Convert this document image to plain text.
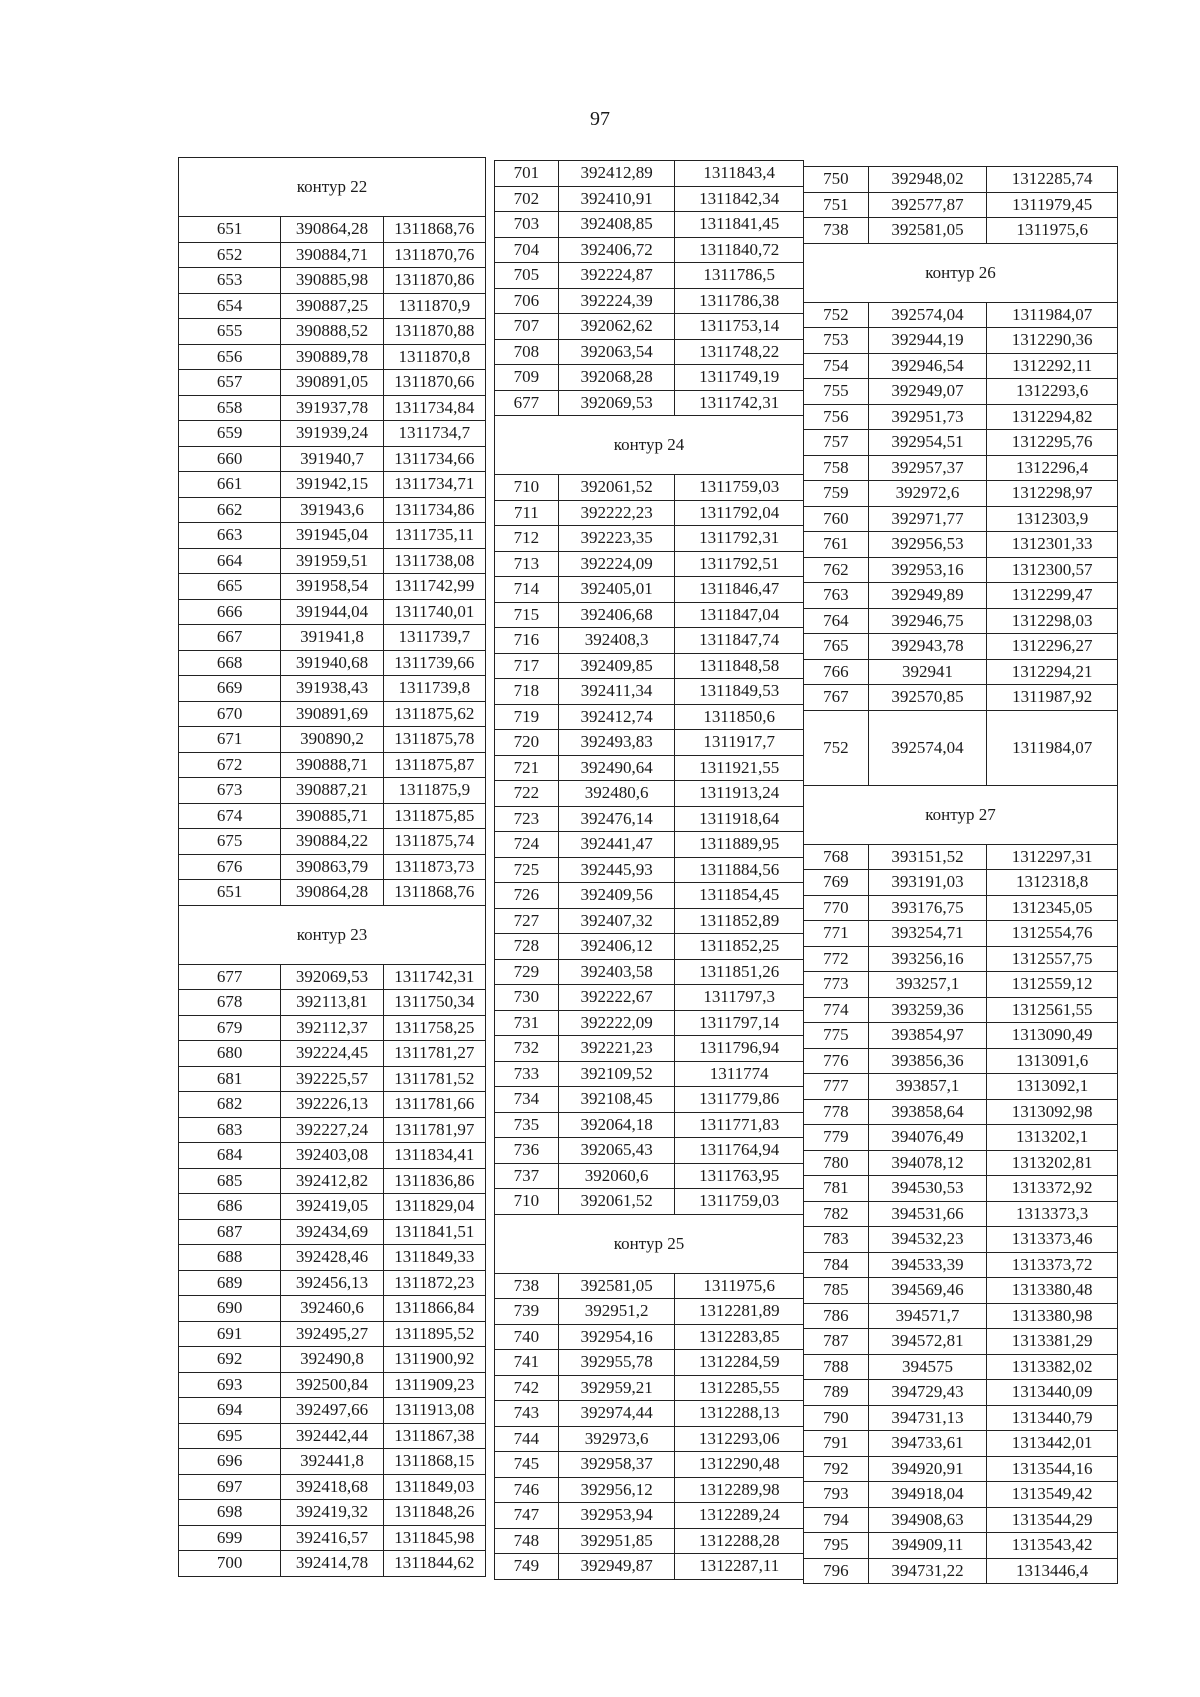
97
контур 22		
651	390864,28	1311868,76
652	390884,71	1311870,76
653	390885,98	1311870,86
654	390887,25	1311870,9
655	390888,52	1311870,88
656	390889,78	1311870,8
657	390891,05	1311870,66
658	391937,78	1311734,84
659	391939,24	1311734,7
660	391940,7	1311734,66
661	391942,15	1311734,71
662	391943,6	1311734,86
663	391945,04	1311735,11
664	391959,51	1311738,08
665	391958,54	1311742,99
666	391944,04	1311740,01
667	391941,8	1311739,7
668	391940,68	1311739,66
669	391938,43	1311739,8
670	390891,69	1311875,62
671	390890,2	1311875,78
672	390888,71	1311875,87
673	390887,21	1311875,9
674	390885,71	1311875,85
675	390884,22	1311875,74
676	390863,79	1311873,73
651	390864,28	1311868,76
контур 23		
677	392069,53	1311742,31
678	392113,81	1311750,34
679	392112,37	1311758,25
680	392224,45	1311781,27
681	392225,57	1311781,52
682	392226,13	1311781,66
683	392227,24	1311781,97
684	392403,08	1311834,41
685	392412,82	1311836,86
686	392419,05	1311829,04
687	392434,69	1311841,51
688	392428,46	1311849,33
689	392456,13	1311872,23
690	392460,6	1311866,84
691	392495,27	1311895,52
692	392490,8	1311900,92
693	392500,84	1311909,23
694	392497,66	1311913,08
695	392442,44	1311867,38
696	392441,8	1311868,15
697	392418,68	1311849,03
698	392419,32	1311848,26
699	392416,57	1311845,98
700	392414,78	1311844,62
701	392412,89	1311843,4
702	392410,91	1311842,34
703	392408,85	1311841,45
704	392406,72	1311840,72
705	392224,87	1311786,5
706	392224,39	1311786,38
707	392062,62	1311753,14
708	392063,54	1311748,22
709	392068,28	1311749,19
677	392069,53	1311742,31
контур 24		
710	392061,52	1311759,03
711	392222,23	1311792,04
712	392223,35	1311792,31
713	392224,09	1311792,51
714	392405,01	1311846,47
715	392406,68	1311847,04
716	392408,3	1311847,74
717	392409,85	1311848,58
718	392411,34	1311849,53
719	392412,74	1311850,6
720	392493,83	1311917,7
721	392490,64	1311921,55
722	392480,6	1311913,24
723	392476,14	1311918,64
724	392441,47	1311889,95
725	392445,93	1311884,56
726	392409,56	1311854,45
727	392407,32	1311852,89
728	392406,12	1311852,25
729	392403,58	1311851,26
730	392222,67	1311797,3
731	392222,09	1311797,14
732	392221,23	1311796,94
733	392109,52	1311774
734	392108,45	1311779,86
735	392064,18	1311771,83
736	392065,43	1311764,94
737	392060,6	1311763,95
710	392061,52	1311759,03
контур 25		
738	392581,05	1311975,6
739	392951,2	1312281,89
740	392954,16	1312283,85
741	392955,78	1312284,59
742	392959,21	1312285,55
743	392974,44	1312288,13
744	392973,6	1312293,06
745	392958,37	1312290,48
746	392956,12	1312289,98
747	392953,94	1312289,24
748	392951,85	1312288,28
749	392949,87	1312287,11
750	392948,02	1312285,74
751	392577,87	1311979,45
738	392581,05	1311975,6
контур 26		
752	392574,04	1311984,07
753	392944,19	1312290,36
754	392946,54	1312292,11
755	392949,07	1312293,6
756	392951,73	1312294,82
757	392954,51	1312295,76
758	392957,37	1312296,4
759	392972,6	1312298,97
760	392971,77	1312303,9
761	392956,53	1312301,33
762	392953,16	1312300,57
763	392949,89	1312299,47
764	392946,75	1312298,03
765	392943,78	1312296,27
766	392941	1312294,21
767	392570,85	1311987,92
752	392574,04	1311984,07
контур 27		
768	393151,52	1312297,31
769	393191,03	1312318,8
770	393176,75	1312345,05
771	393254,71	1312554,76
772	393256,16	1312557,75
773	393257,1	1312559,12
774	393259,36	1312561,55
775	393854,97	1313090,49
776	393856,36	1313091,6
777	393857,1	1313092,1
778	393858,64	1313092,98
779	394076,49	1313202,1
780	394078,12	1313202,81
781	394530,53	1313372,92
782	394531,66	1313373,3
783	394532,23	1313373,46
784	394533,39	1313373,72
785	394569,46	1313380,48
786	394571,7	1313380,98
787	394572,81	1313381,29
788	394575	1313382,02
789	394729,43	1313440,09
790	394731,13	1313440,79
791	394733,61	1313442,01
792	394920,91	1313544,16
793	394918,04	1313549,42
794	394908,63	1313544,29
795	394909,11	1313543,42
796	394731,22	1313446,4
